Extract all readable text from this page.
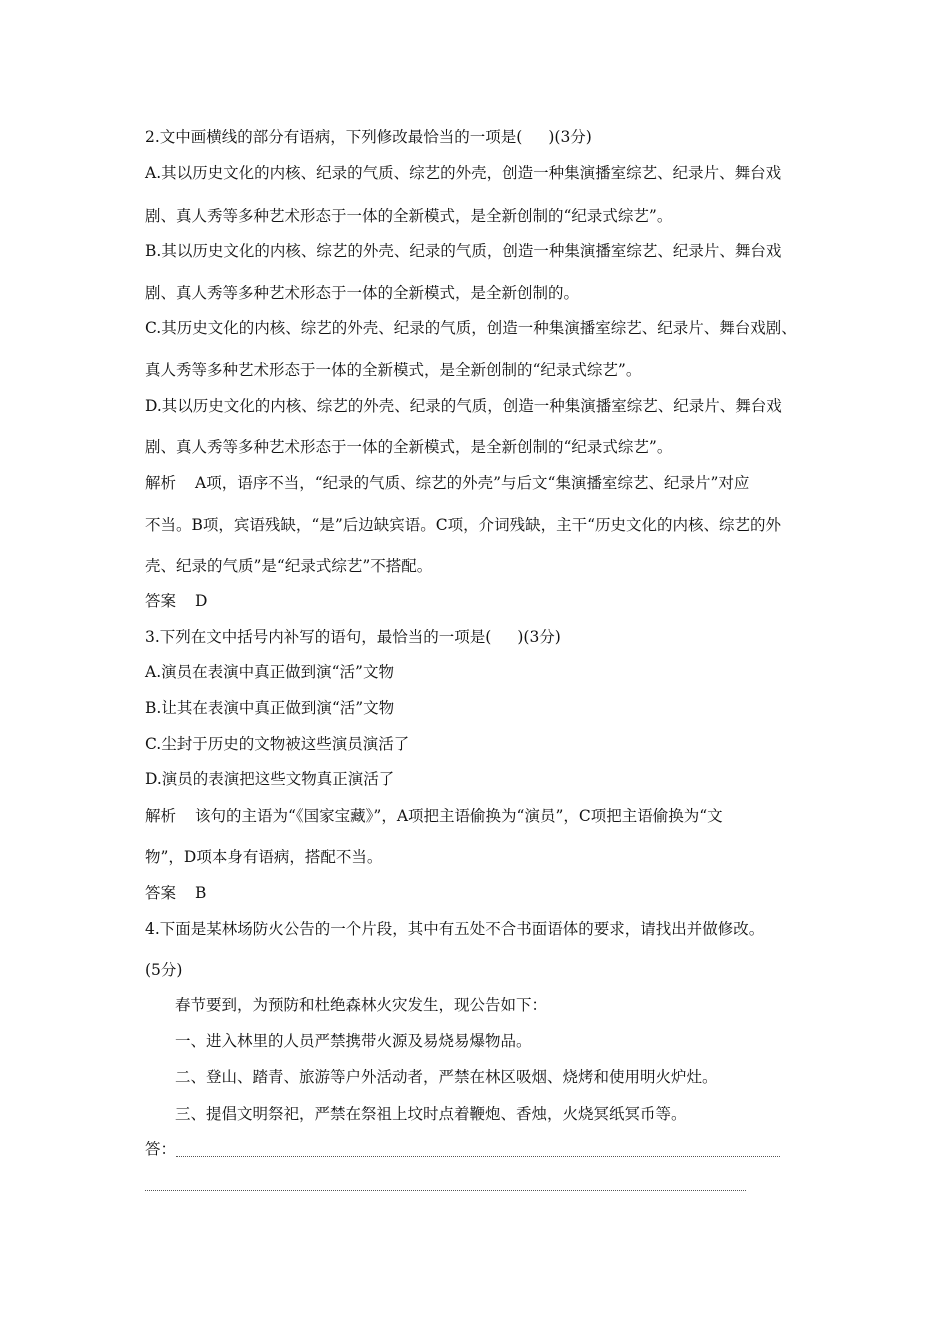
2.文中画横线的部分有语病，下列修改最恰当的一项是( )(3分)
A.其以历史文化的内核、纪录的气质、综艺的外壳，创造一种集演播室综艺、纪录片、舞台戏
剧、真人秀等多种艺术形态于一体的全新模式，是全新创制的“纪录式综艺”。
B.其以历史文化的内核、综艺的外壳、纪录的气质，创造一种集演播室综艺、纪录片、舞台戏
剧、真人秀等多种艺术形态于一体的全新模式，是全新创制的。
C.其历史文化的内核、综艺的外壳、纪录的气质，创造一种集演播室综艺、纪录片、舞台戏剧、
真人秀等多种艺术形态于一体的全新模式，是全新创制的“纪录式综艺”。
D.其以历史文化的内核、综艺的外壳、纪录的气质，创造一种集演播室综艺、纪录片、舞台戏
剧、真人秀等多种艺术形态于一体的全新模式，是全新创制的“纪录式综艺”。
解析 A项，语序不当，“纪录的气质、综艺的外壳”与后文“集演播室综艺、纪录片”对应
不当。B项，宾语残缺，“是”后边缺宾语。C项，介词残缺，主干“历史文化的内核、综艺的外
壳、纪录的气质”是“纪录式综艺”不搭配。
答案 D
3.下列在文中括号内补写的语句，最恰当的一项是( )(3分)
A.演员在表演中真正做到演“活”文物
B.让其在表演中真正做到演“活”文物
C.尘封于历史的文物被这些演员演活了
D.演员的表演把这些文物真正演活了
解析 该句的主语为“《国家宝藏》”，A项把主语偷换为“演员”，C项把主语偷换为“文
物”，D项本身有语病，搭配不当。
答案 B
4.下面是某林场防火公告的一个片段，其中有五处不合书面语体的要求，请找出并做修改。
(5分)
春节要到，为预防和杜绝森林火灾发生，现公告如下：
一、进入林里的人员严禁携带火源及易烧易爆物品。
二、登山、踏青、旅游等户外活动者，严禁在林区吸烟、烧烤和使用明火炉灶。
三、提倡文明祭祀，严禁在祭祖上坟时点着鞭炮、香烛，火烧冥纸冥币等。
答：
